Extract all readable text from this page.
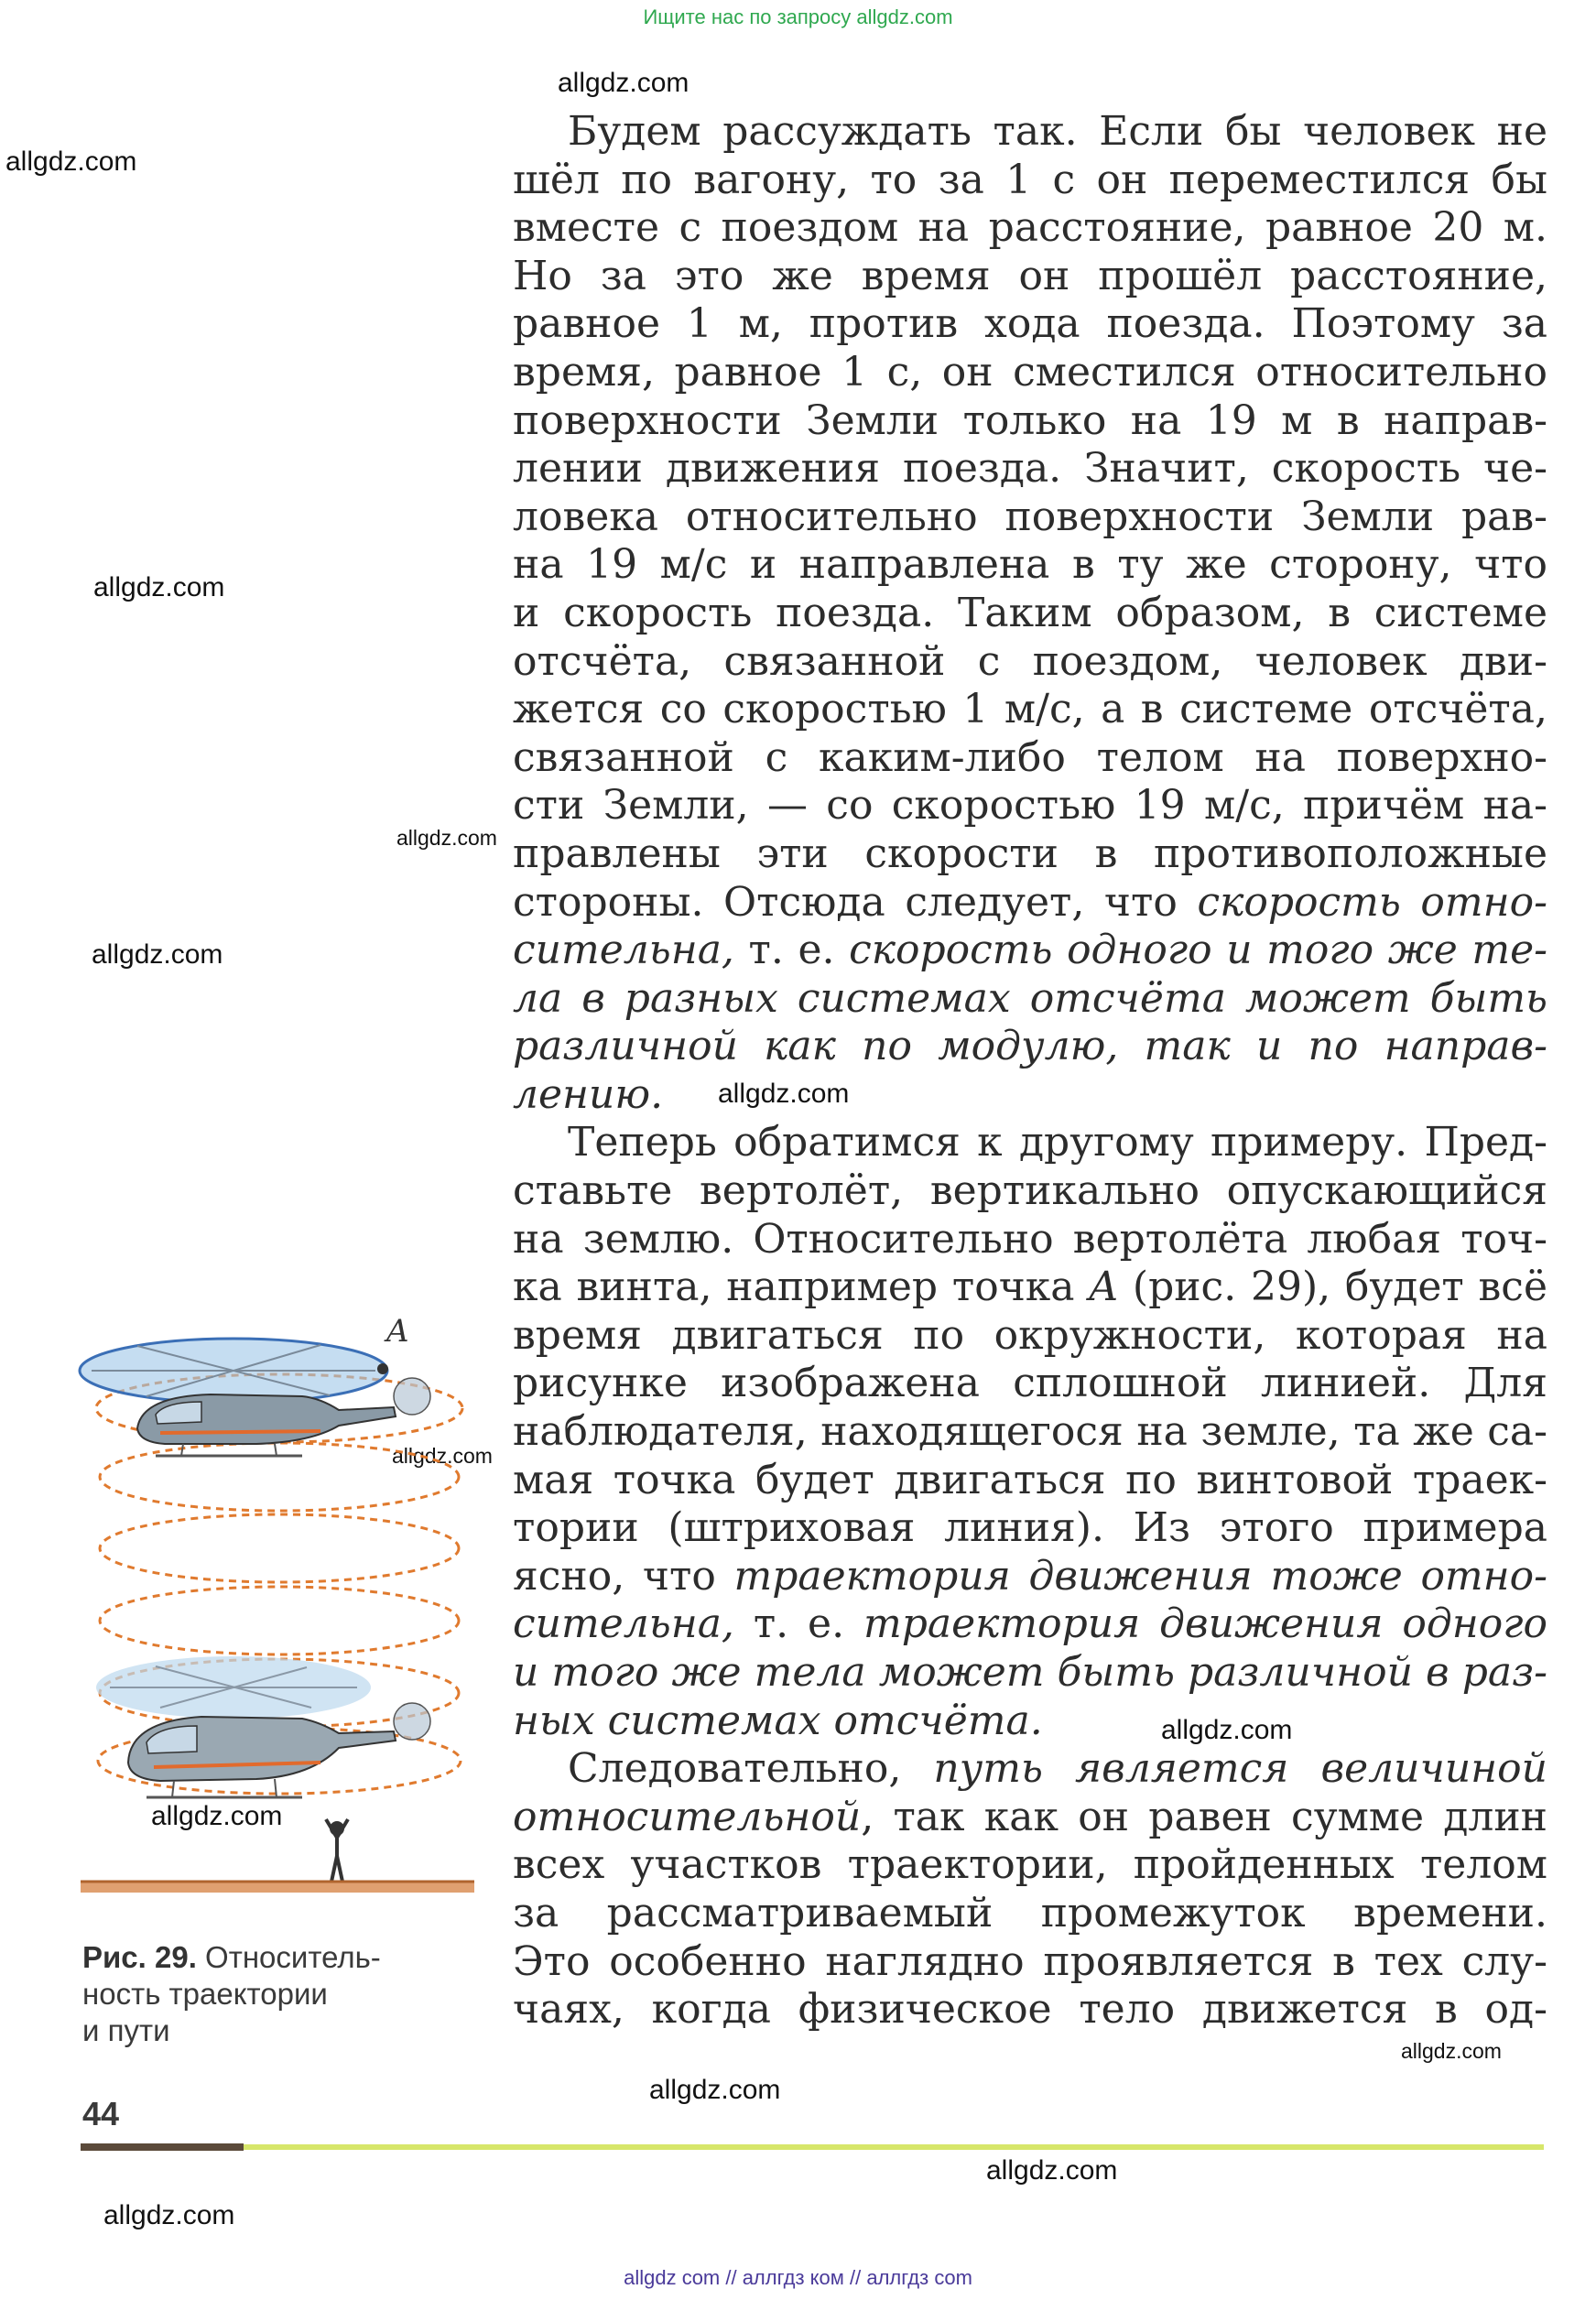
Ищите нас по запросу allgdz.com
allgdz.com
allgdz.com
allgdz.com
allgdz.com
allgdz.com
allgdz.com
allgdz.com
allgdz.com
allgdz.com
allgdz.com
allgdz.com
allgdz.com
allgdz.com
Будем рассуждать так. Если бы человек не
шёл по вагону, то за 1 с он переместился бы
вместе с поездом на расстояние, равное 20 м.
Но за это же время он прошёл расстояние,
равное 1 м, против хода поезда. Поэтому за
время, равное 1 с, он сместился относительно
поверхности Земли только на 19 м в направ-
лении движения поезда. Значит, скорость че-
ловека относительно поверхности Земли рав-
на 19 м/с и направлена в ту же сторону, что
и скорость поезда. Таким образом, в системе
отсчёта, связанной с поездом, человек дви-
жется со скоростью 1 м/с, а в системе отсчёта,
связанной с каким-либо телом на поверхно-
сти Земли, — со скоростью 19 м/с, причём на-
правлены эти скорости в противоположные
стороны. Отсюда следует, что скорость отно-
сительна, т. е. скорость одного и того же те-
ла в разных системах отсчёта может быть
различной как по модулю, так и по направ-
лению.
Теперь обратимся к другому примеру. Пред-
ставьте вертолёт, вертикально опускающийся
на землю. Относительно вертолёта любая точ-
ка винта, например точка A (рис. 29), будет всё
время двигаться по окружности, которая на
рисунке изображена сплошной линией. Для
наблюдателя, находящегося на земле, та же са-
мая точка будет двигаться по винтовой траек-
тории (штриховая линия). Из этого примера
ясно, что траектория движения тоже отно-
сительна, т. е. траектория движения одного
и того же тела может быть различной в раз-
ных системах отсчёта.
Следовательно, путь является величиной
относительной, так как он равен сумме длин
всех участков траектории, пройденных телом
за рассматриваемый промежуток времени.
Это особенно наглядно проявляется в тех слу-
чаях, когда физическое тело движется в од-
A
Рис. 29. Относитель-
ность траектории
и пути
44
allgdz com // аллгдз ком // аллгдз com
